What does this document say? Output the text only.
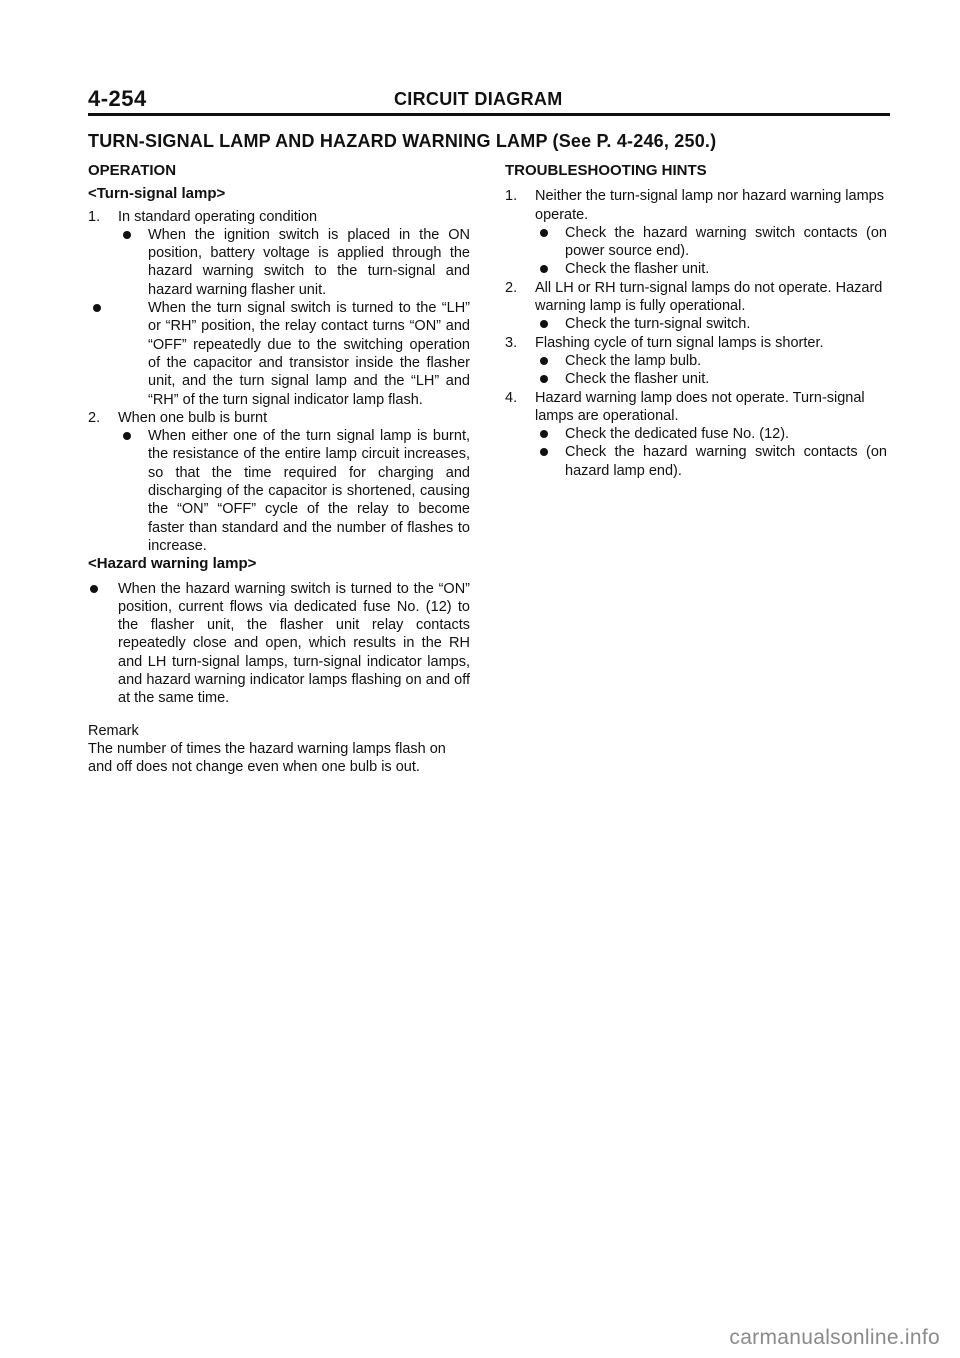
4-254	CIRCUIT DIAGRAM
TURN-SIGNAL LAMP AND HAZARD WARNING LAMP (See P. 4-246, 250.)
OPERATION
<Turn-signal lamp>
1. In standard operating condition
When the ignition switch is placed in the ON position, battery voltage is applied through the hazard warning switch to the turn-signal and hazard warning flasher unit.
When the turn signal switch is turned to the “LH” or “RH” position, the relay contact turns “ON” and “OFF” repeatedly due to the switching operation of the capacitor and transistor inside the flasher unit, and the turn signal lamp and the “LH” and “RH” of the turn signal indicator lamp flash.
2. When one bulb is burnt
When either one of the turn signal lamp is burnt, the resistance of the entire lamp circuit increases, so that the time required for charging and discharging of the capacitor is shortened, causing the “ON” “OFF” cycle of the relay to become faster than standard and the number of flashes to increase.
<Hazard warning lamp>
When the hazard warning switch is turned to the “ON” position, current flows via dedicated fuse No. (12) to the flasher unit, the flasher unit relay contacts repeatedly close and open, which results in the RH and LH turn-signal lamps, turn-signal indicator lamps, and hazard warning indicator lamps flashing on and off at the same time.
Remark
The number of times the hazard warning lamps flash on and off does not change even when one bulb is out.
TROUBLESHOOTING HINTS
1. Neither the turn-signal lamp nor hazard warning lamps operate.
Check the hazard warning switch contacts (on power source end).
Check the flasher unit.
2. All LH or RH turn-signal lamps do not operate. Hazard warning lamp is fully operational.
Check the turn-signal switch.
3. Flashing cycle of turn signal lamps is shorter.
Check the lamp bulb.
Check the flasher unit.
4. Hazard warning lamp does not operate. Turn-signal lamps are operational.
Check the dedicated fuse No. (12).
Check the hazard warning switch contacts (on hazard lamp end).
carmanualsonline.info
